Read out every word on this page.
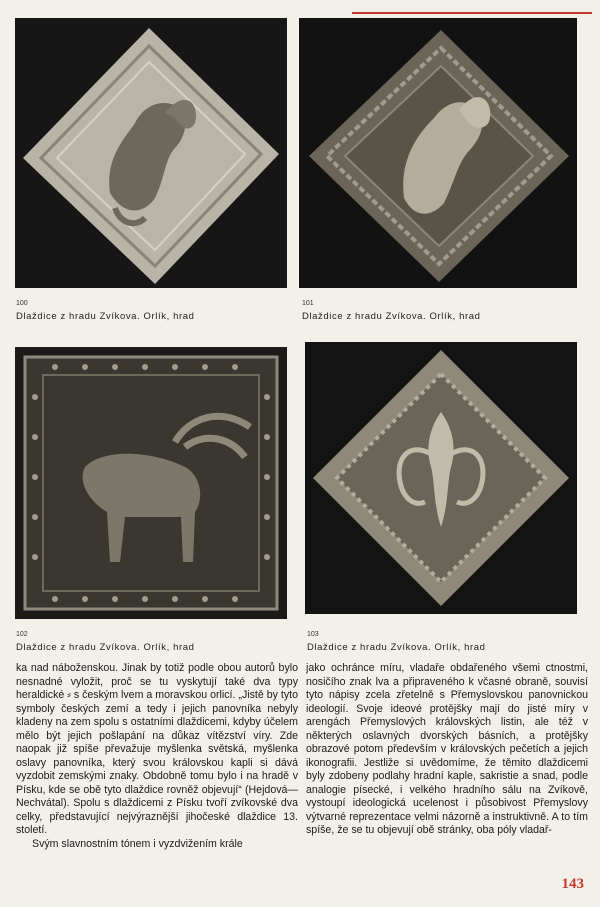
100
Dlaždice z hradu Zvíkova. Orlík, hrad
101
Dlaždice z hradu Zvíkova. Orlík, hrad
102
Dlaždice z hradu Zvíkova. Orlík, hrad
103
Dlaždice z hradu Zvíkova. Orlík, hrad

ka nad náboženskou. Jinak by totiž podle obou autorů bylo nesnadné vyložit, proč se tu vyskytují také dva typy heraldické ⸗ s českým lvem a moravskou orlicí. „Jistě by tyto symboly českých zemí a tedy i jejich panovníka nebyly kladeny na zem spolu s ostatními dlaždicemi, kdyby účelem mělo být jejich pošlapání na důkaz vítězství víry. Zde naopak již spíše převažuje myšlenka světská, myšlenka oslavy panovníka, který svou královskou kapli si dává vyzdobit zemskými znaky. Obdobně tomu bylo i na hradě v Písku, kde se obě tyto dlaždice rovněž objevují“ (Hejdová—Nechvátal). Spolu s dlaždicemi z Písku tvoří zvíkovské dva celky, představující nejvýraznější jihočeské dlaždice 13. století.

Svým slavnostním tónem i vyzdvižením krále

jako ochránce míru, vladaře obdařeného všemi ctnostmi, nosičího znak lva a připraveného k včasné obraně, souvisí tyto nápisy zcela zřetelně s Přemyslovskou panovnickou ideologií. Svoje ideové protějšky mají do jisté míry v arengách Přemyslových královských listin, ale též v některých oslavných dvorských básních, a protějšky obrazové potom především v královských pečetích a jejich ikonografii. Jestliže si uvědomíme, že těmito dlaždicemi byly zdobeny podlahy hradní kaple, sakristie a snad, podle analogie písecké, i velkého hradního sálu na Zvíkově, vystoupí ideologická ucelenost i působivost Přemyslovy výtvarné reprezentace velmi názorně a instruktivně. A to tím spíše, že se tu objevují obě stránky, oba póly vladař-

143
